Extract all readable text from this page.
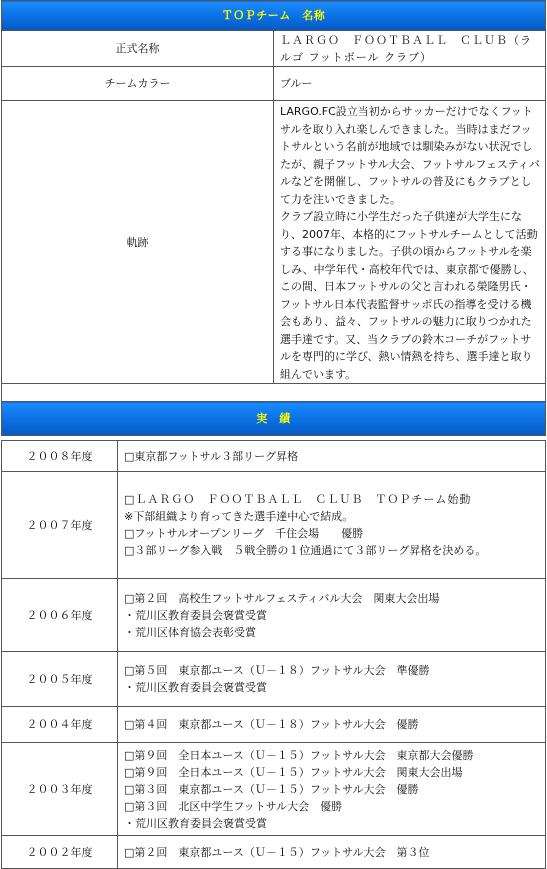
ＴＯＰチーム　名称	
正式名称	ＬＡＲＧＯ　ＦＯＯＴＢＡＬＬ　ＣＬＵＢ（ラルゴ フットボール クラブ）
チームカラー	ブルー
軌跡	LARGO.FC設立当初からサッカーだけでなくフットサルを取り入れ楽しんできました。当時はまだフットサルという名前が地域では馴染みがない状況でしたが、親子フットサル大会、フットサルフェスティバルなどを開催し、フットサルの普及にもクラブとして力を注いできました。
クラブ設立時に小学生だった子供達が大学生になり、2007年、本格的にフットサルチームとして活動する事になりました。子供の頃からフットサルを楽しみ、中学年代・高校年代では、東京都で優勝し、この間、日本フットサルの父と言われる榮隆男氏・フットサル日本代表監督サッポ氏の指導を受ける機会もあり、益々、フットサルの魅力に取りつかれた選手達です。又、当クラブの鈴木コーチがフットサルを専門的に学び、熱い情熱を持ち、選手達と取り組んでいます。

実　績	
２００８年度	□東京都フットサル３部リーグ昇格

２００７年度	□ＬＡＲＧＯ　ＦＯＯＴＢＡＬＬ　ＣＬＵＢ　ＴＯＰチーム始動
※下部組織より育ってきた選手達中心で結成。
□フットサルオープンリーグ　千住会場　　優勝
□３部リーグ参入戦　５戦全勝の１位通過にて３部リーグ昇格を決める。

２００６年度	□第２回　高校生フットサルフェスティバル大会　関東大会出場
・荒川区教育委員会褒賞受賞
・荒川区体育協会表彰受賞

２００５年度	□第５回　東京都ユース（Ｕ－１８）フットサル大会　準優勝
・荒川区教育委員会褒賞受賞

２００４年度	□第４回　東京都ユース（Ｕ－１８）フットサル大会　優勝

２００３年度	□第９回　全日本ユース（Ｕ－１５）フットサル大会　東京都大会優勝
□第９回　全日本ユース（Ｕ－１５）フットサル大会　関東大会出場
□第３回　東京都ユース（Ｕ－１５）フットサル大会　優勝
□第３回　北区中学生フットサル大会　優勝
・荒川区教育委員会褒賞受賞

２００２年度	□第２回　東京都ユース（Ｕ－１５）フットサル大会　第３位
